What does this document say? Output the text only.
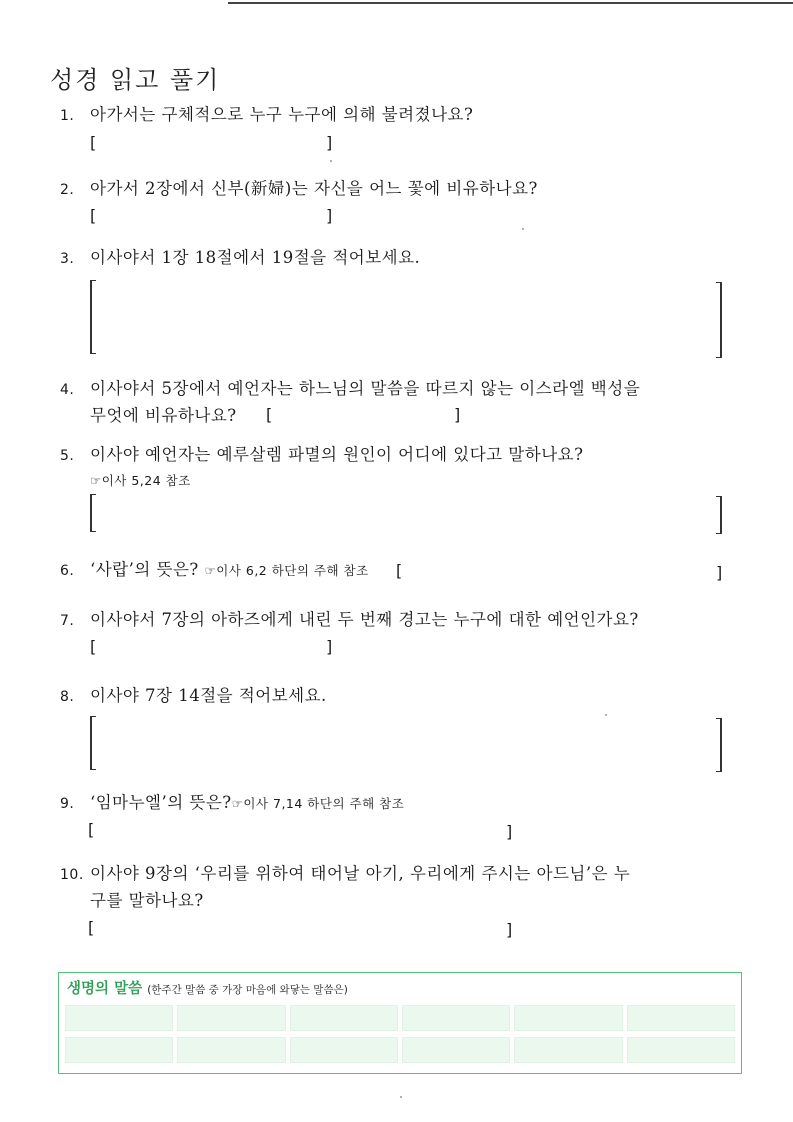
성경 읽고 풀기
1. 아가서는 구체적으로 누구 누구에 의해 불려졌나요?
[	]
2. 아가서 2장에서 신부(新婦)는 자신을 어느 꽃에 비유하나요?
[	]
3. 이사야서 1장 18절에서 19절을 적어보세요.
4. 이사야서 5장에서 예언자는 하느님의 말씀을 따르지 않는 이스라엘 백성을
무엇에 비유하나요?	[	]
5. 이사야 예언자는 예루살렘 파멸의 원인이 어디에 있다고 말하나요?
☞이사 5,24 참조
6. ‘사랍’의 뜻은? ☞이사 6,2 하단의 주해 참조	[	]
7. 이사야서 7장의 아하즈에게 내린 두 번째 경고는 누구에 대한 예언인가요?
[	]
8. 이사야 7장 14절을 적어보세요.
9. ‘임마누엘’의 뜻은?☞이사 7,14 하단의 주해 참조
[	]
10. 이사야 9장의 ‘우리를 위하여 태어날 아기, 우리에게 주시는 아드님’은 누
구를 말하나요?
[	]
생명의 말씀 (한주간 말씀 중 가장 마음에 와닿는 말씀은)
